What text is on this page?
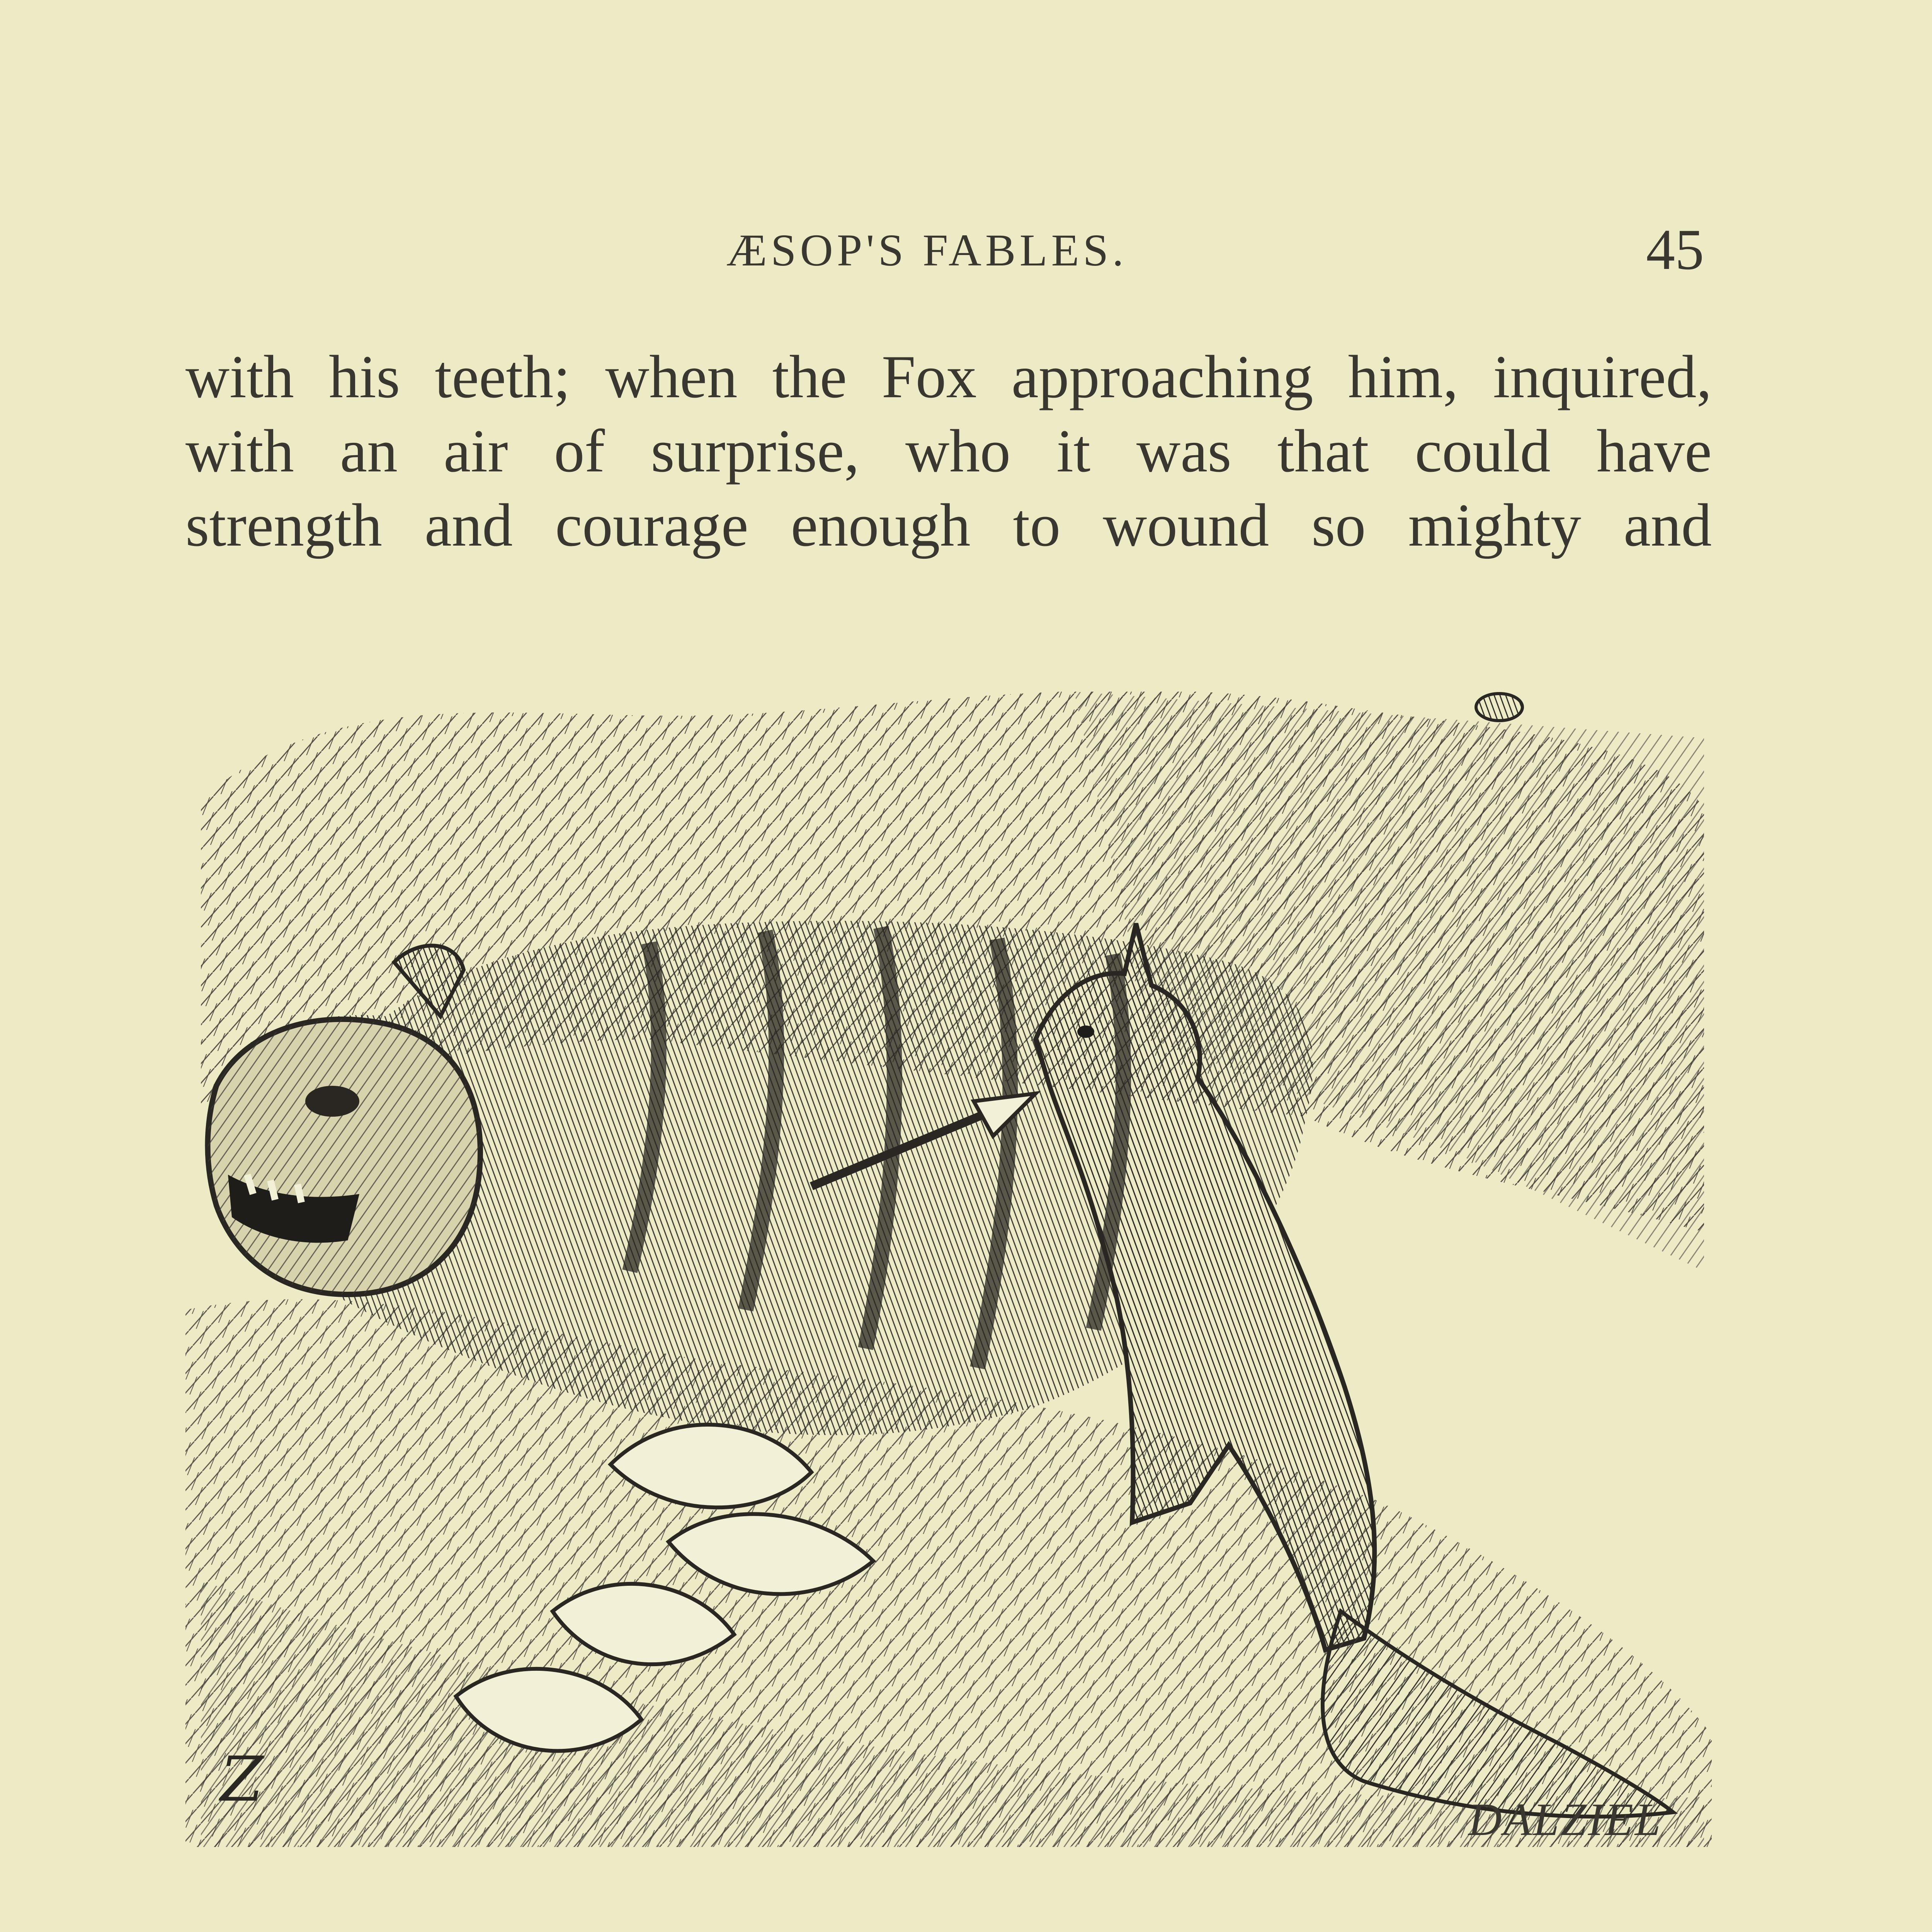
ÆSOP'S FABLES.	45
with his teeth; when the Fox approaching him, inquired,
with an air of surprise, who it was that could have
strength and courage enough to wound so mighty and
Z
DALZIEL
